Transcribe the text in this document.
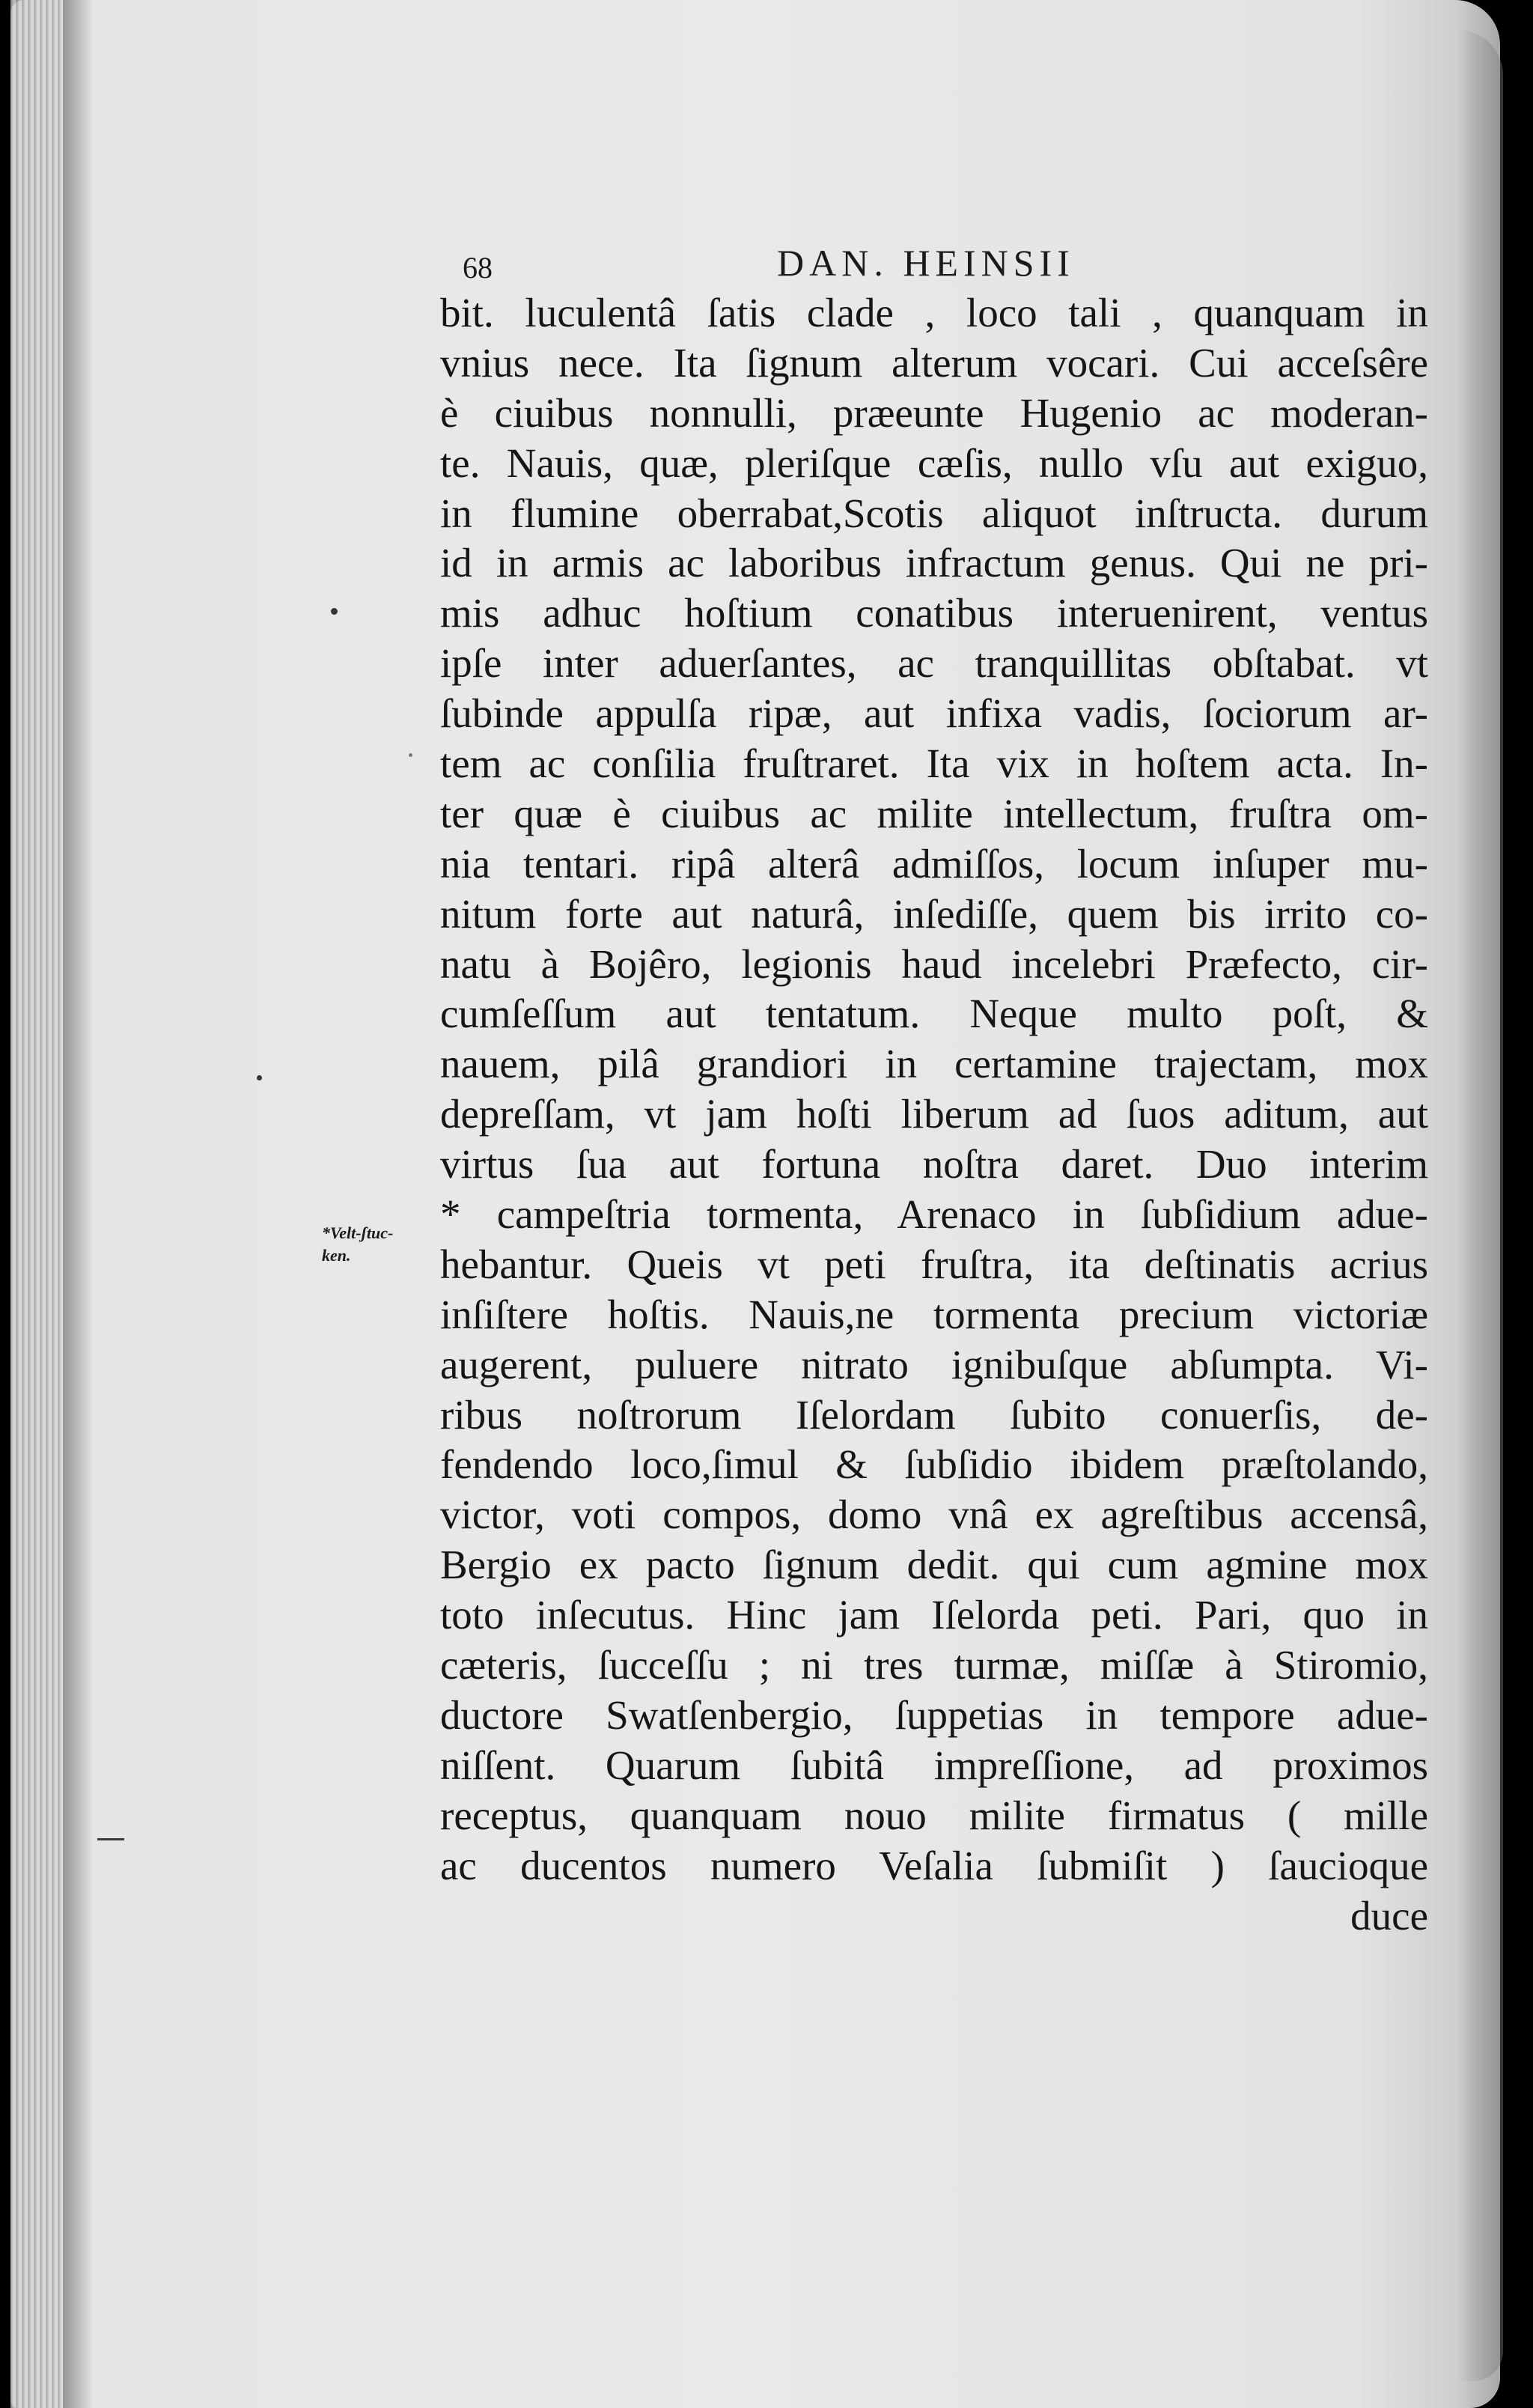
68	DAN. HEINSII
*Velt-ʃtuc-
ken.
bit. luculentâ ſatis clade , loco tali , quanquam in
vnius nece. Ita ſignum alterum vocari. Cui acceſsêre
è ciuibus nonnulli, præeunte Hugenio ac moderan-
te. Nauis, quæ, pleriſque cæſis, nullo vſu aut exiguo,
in flumine oberrabat,Scotis aliquot inſtructa. durum
id in armis ac laboribus infractum genus. Qui ne pri-
mis adhuc hoſtium conatibus interuenirent, ventus
ipſe inter aduerſantes, ac tranquillitas obſtabat. vt
ſubinde appulſa ripæ, aut infixa vadis, ſociorum ar-
tem ac conſilia fruſtraret. Ita vix in hoſtem acta. In-
ter quæ è ciuibus ac milite intellectum, fruſtra om-
nia tentari. ripâ alterâ admiſſos, locum inſuper mu-
nitum forte aut naturâ, inſediſſe, quem bis irrito co-
natu à Bojêro, legionis haud incelebri Præfecto, cir-
cumſeſſum aut tentatum. Neque multo poſt, &
nauem, pilâ grandiori in certamine trajectam, mox
depreſſam, vt jam hoſti liberum ad ſuos aditum, aut
virtus ſua aut fortuna noſtra daret. Duo interim
* campeſtria tormenta, Arenaco in ſubſidium adue-
hebantur. Queis vt peti fruſtra, ita deſtinatis acrius
inſiſtere hoſtis. Nauis,ne tormenta precium victoriæ
augerent, puluere nitrato ignibuſque abſumpta. Vi-
ribus noſtrorum Iſelordam ſubito conuerſis, de-
fendendo loco,ſimul & ſubſidio ibidem præſtolando,
victor, voti compos, domo vnâ ex agreſtibus accensâ,
Bergio ex pacto ſignum dedit. qui cum agmine mox
toto inſecutus. Hinc jam Iſelorda peti. Pari, quo in
cæteris, ſucceſſu ; ni tres turmæ, miſſæ à Stiromio,
ductore Swatſenbergio, ſuppetias in tempore adue-
niſſent. Quarum ſubitâ impreſſione, ad proximos
receptus, quanquam nouo milite firmatus ( mille
ac ducentos numero Veſalia ſubmiſit ) ſaucioque
duce
